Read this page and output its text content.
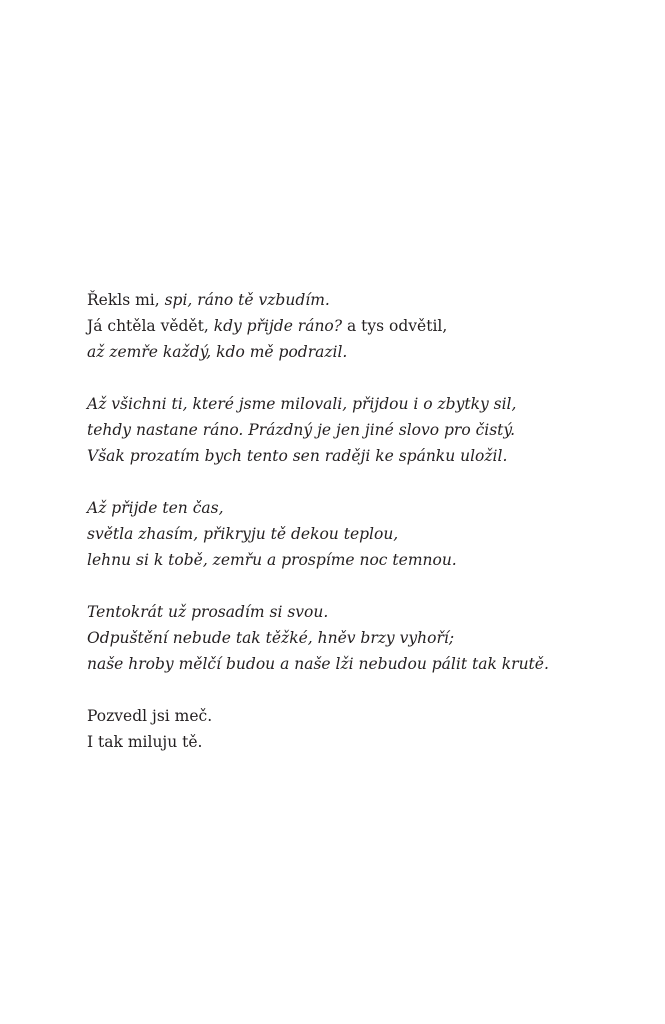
Řekls mi, spi, ráno tě vzbudím.
Já chtěla vědět, kdy přijde ráno? a tys odvětil,
až zemře každý, kdo mě podrazil.
Až všichni ti, které jsme milovali, přijdou i o zbytky sil,
tehdy nastane ráno. Prázdný je jen jiné slovo pro čistý.
Však prozatím bych tento sen raději ke spánku uložil.
Až přijde ten čas,
světla zhasím, přikryju tě dekou teplou,
lehnu si k tobě, zemřu a prospíme noc temnou.
Tentokrát už prosadím si svou.
Odpuštění nebude tak těžké, hněv brzy vyhoří;
naše hroby mělčí budou a naše lži nebudou pálit tak krutě.
Pozvedl jsi meč.
I tak miluju tě.
